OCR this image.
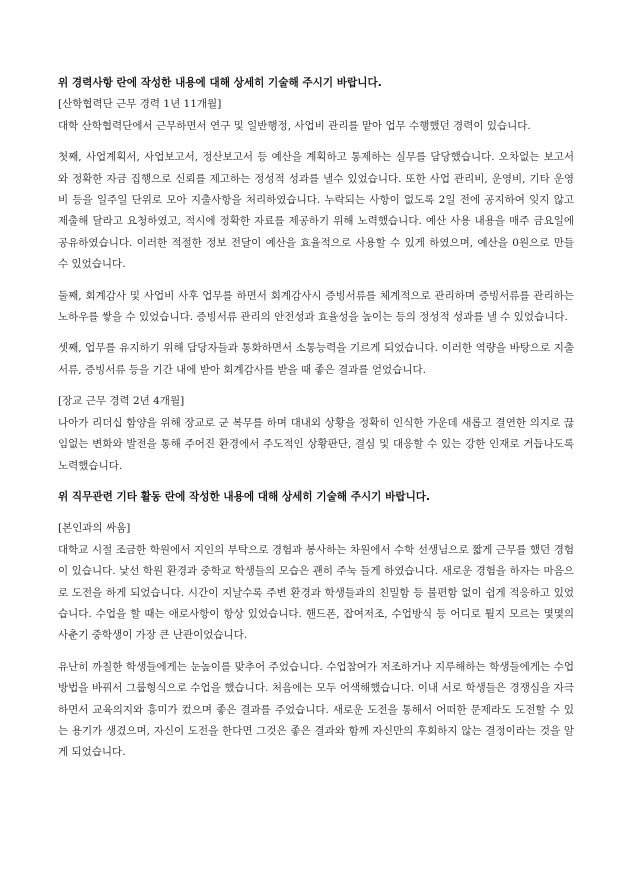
위 경력사항 란에 작성한 내용에 대해 상세히 기술해 주시기 바랍니다.
[산학협력단 근무 경력 1년 11개월]

대학 산학협력단에서 근무하면서 연구 및 일반행정, 사업비 관리를 맡아 업무 수행했던 경력이 있습니다.

첫째, 사업계획서, 사업보고서, 정산보고서 등 예산을 계획하고 통제하는 실무를 담당했습니다. 오차없는 보고서와 정확한 자금 집행으로 신뢰를 제고하는 정성적 성과를 낼수 있었습니다. 또한 사업 관리비, 운영비, 기타 운영비 등을 일주일 단위로 모아 지출사항을 처리하였습니다. 누락되는 사항이 없도록 2일 전에 공지하여 잊지 않고 제출해 달라고 요청하였고, 적시에 정확한 자료를 제공하기 위해 노력했습니다. 예산 사용 내용을 매주 금요일에 공유하였습니다. 이러한 적절한 정보 전달이 예산을 효율적으로 사용할 수 있게 하였으며, 예산을 0원으로 만들 수 있었습니다.

둘째, 회계감사 및 사업비 사후 업무를 하면서 회계감사시 증빙서류를 체계적으로 관리하며 증빙서류를 관리하는 노하우를 쌓을 수 있었습니다. 증빙서류 관리의 안전성과 효율성을 높이는 등의 정성적 성과를 낼 수 있었습니다.

셋째, 업무를 유지하기 위해 담당자들과 통화하면서 소통능력을 기르게 되었습니다. 이러한 역량을 바탕으로 지출서류, 증빙서류 등을 기간 내에 받아 회계감사를 받을 때 좋은 결과를 얻었습니다.

[장교 근무 경력 2년 4개월]

나아가 리더십 함양을 위해 장교로 군 복무를 하며 대내외 상황을 정확히 인식한 가운데 새롭고 결연한 의지로 끊임없는 변화와 발전을 통해 주어진 환경에서 주도적인 상황판단, 결심 및 대응할 수 있는 강한 인재로 거듭나도록 노력했습니다.

위 직무관련 기타 활동 란에 작성한 내용에 대해 상세히 기술해 주시기 바랍니다.
[본인과의 싸움]

대학교 시절 조금한 학원에서 지인의 부탁으로 경험과 봉사하는 차원에서 수학 선생님으로 짧게 근무를 했던 경험이 있습니다. 낯선 학원 환경과 중학교 학생들의 모습은 괜히 주눅 들게 하였습니다. 새로운 경험을 하자는 마음으로 도전을 하게 되었습니다. 시간이 지날수록 주변 환경과 학생들과의 친밀함 등 불편함 없이 쉽게 적응하고 있었습니다. 수업을 할 때는 애로사항이 항상 있었습니다. 핸드폰, 잡여저조, 수업방식 등 어디로 튈지 모르는 몇몇의 사춘기 중학생이 가장 큰 난관이었습니다.

유난히 까칠한 학생들에게는 눈높이를 맞추어 주었습니다. 수업참여가 저조하거나 지루해하는 학생들에게는 수업방법을 바꿔서 그룹형식으로 수업을 했습니다. 처음에는 모두 어색해했습니다. 이내 서로 학생들은 경쟁심을 자극하면서 교육의지와 흥미가 컸으며 좋은 결과를 주었습니다. 새로운 도전을 통해서 어떠한 문제라도 도전할 수 있는 용기가 생겼으며, 자신이 도전을 한다면 그것은 좋은 결과와 함께 자신만의 후회하지 않는 결정이라는 것을 알게 되었습니다.
